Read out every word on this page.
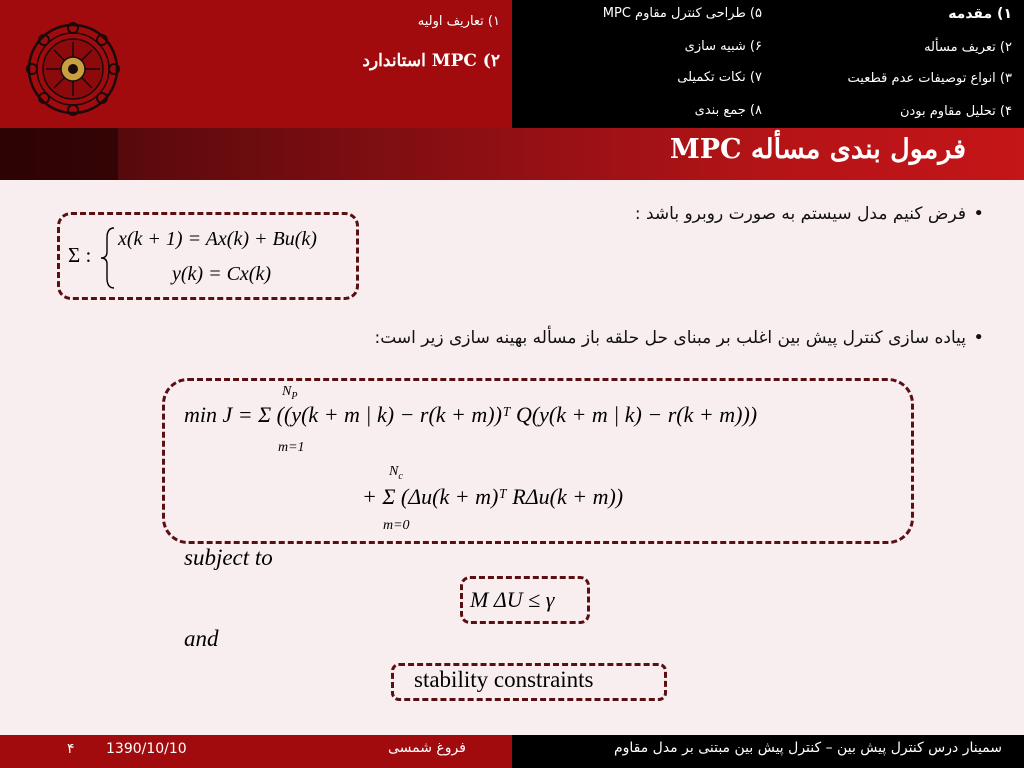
۱) مقدمه
۲) تعریف مسأله
۳) انواع توصیفات عدم قطعیت
۴) تحلیل مقاوم بودن
۵) طراحی کنترل مقاوم MPC
۶) شبیه سازی
۷) نکات تکمیلی
۸) جمع بندی
۱) تعاریف اولیه
۲) MPC استاندارد
فرمول بندی مسأله MPC
•
فرض کنیم مدل سیستم به صورت روبرو باشد :
Σ :
x(k + 1) = Ax(k) + Bu(k)
y(k) = Cx(k)
•
پیاده سازی کنترل پیش بین اغلب بر مبنای حل حلقه باز مسأله بهینه سازی زیر است:
$N_P$
m=1
min J = Σ ((y(k + m | k) − r(k + m))ᵀ Q(y(k + m | k) − r(k + m)))
$N_c$
m=0
+ Σ (Δu(k + m)ᵀ RΔu(k + m))
subject to
M ΔU ≤ γ
and
stability constraints
سمینار درس کنترل پیش بین – کنترل پیش بین مبتنی بر مدل مقاوم
فروغ شمسی
1390/10/10
۴
